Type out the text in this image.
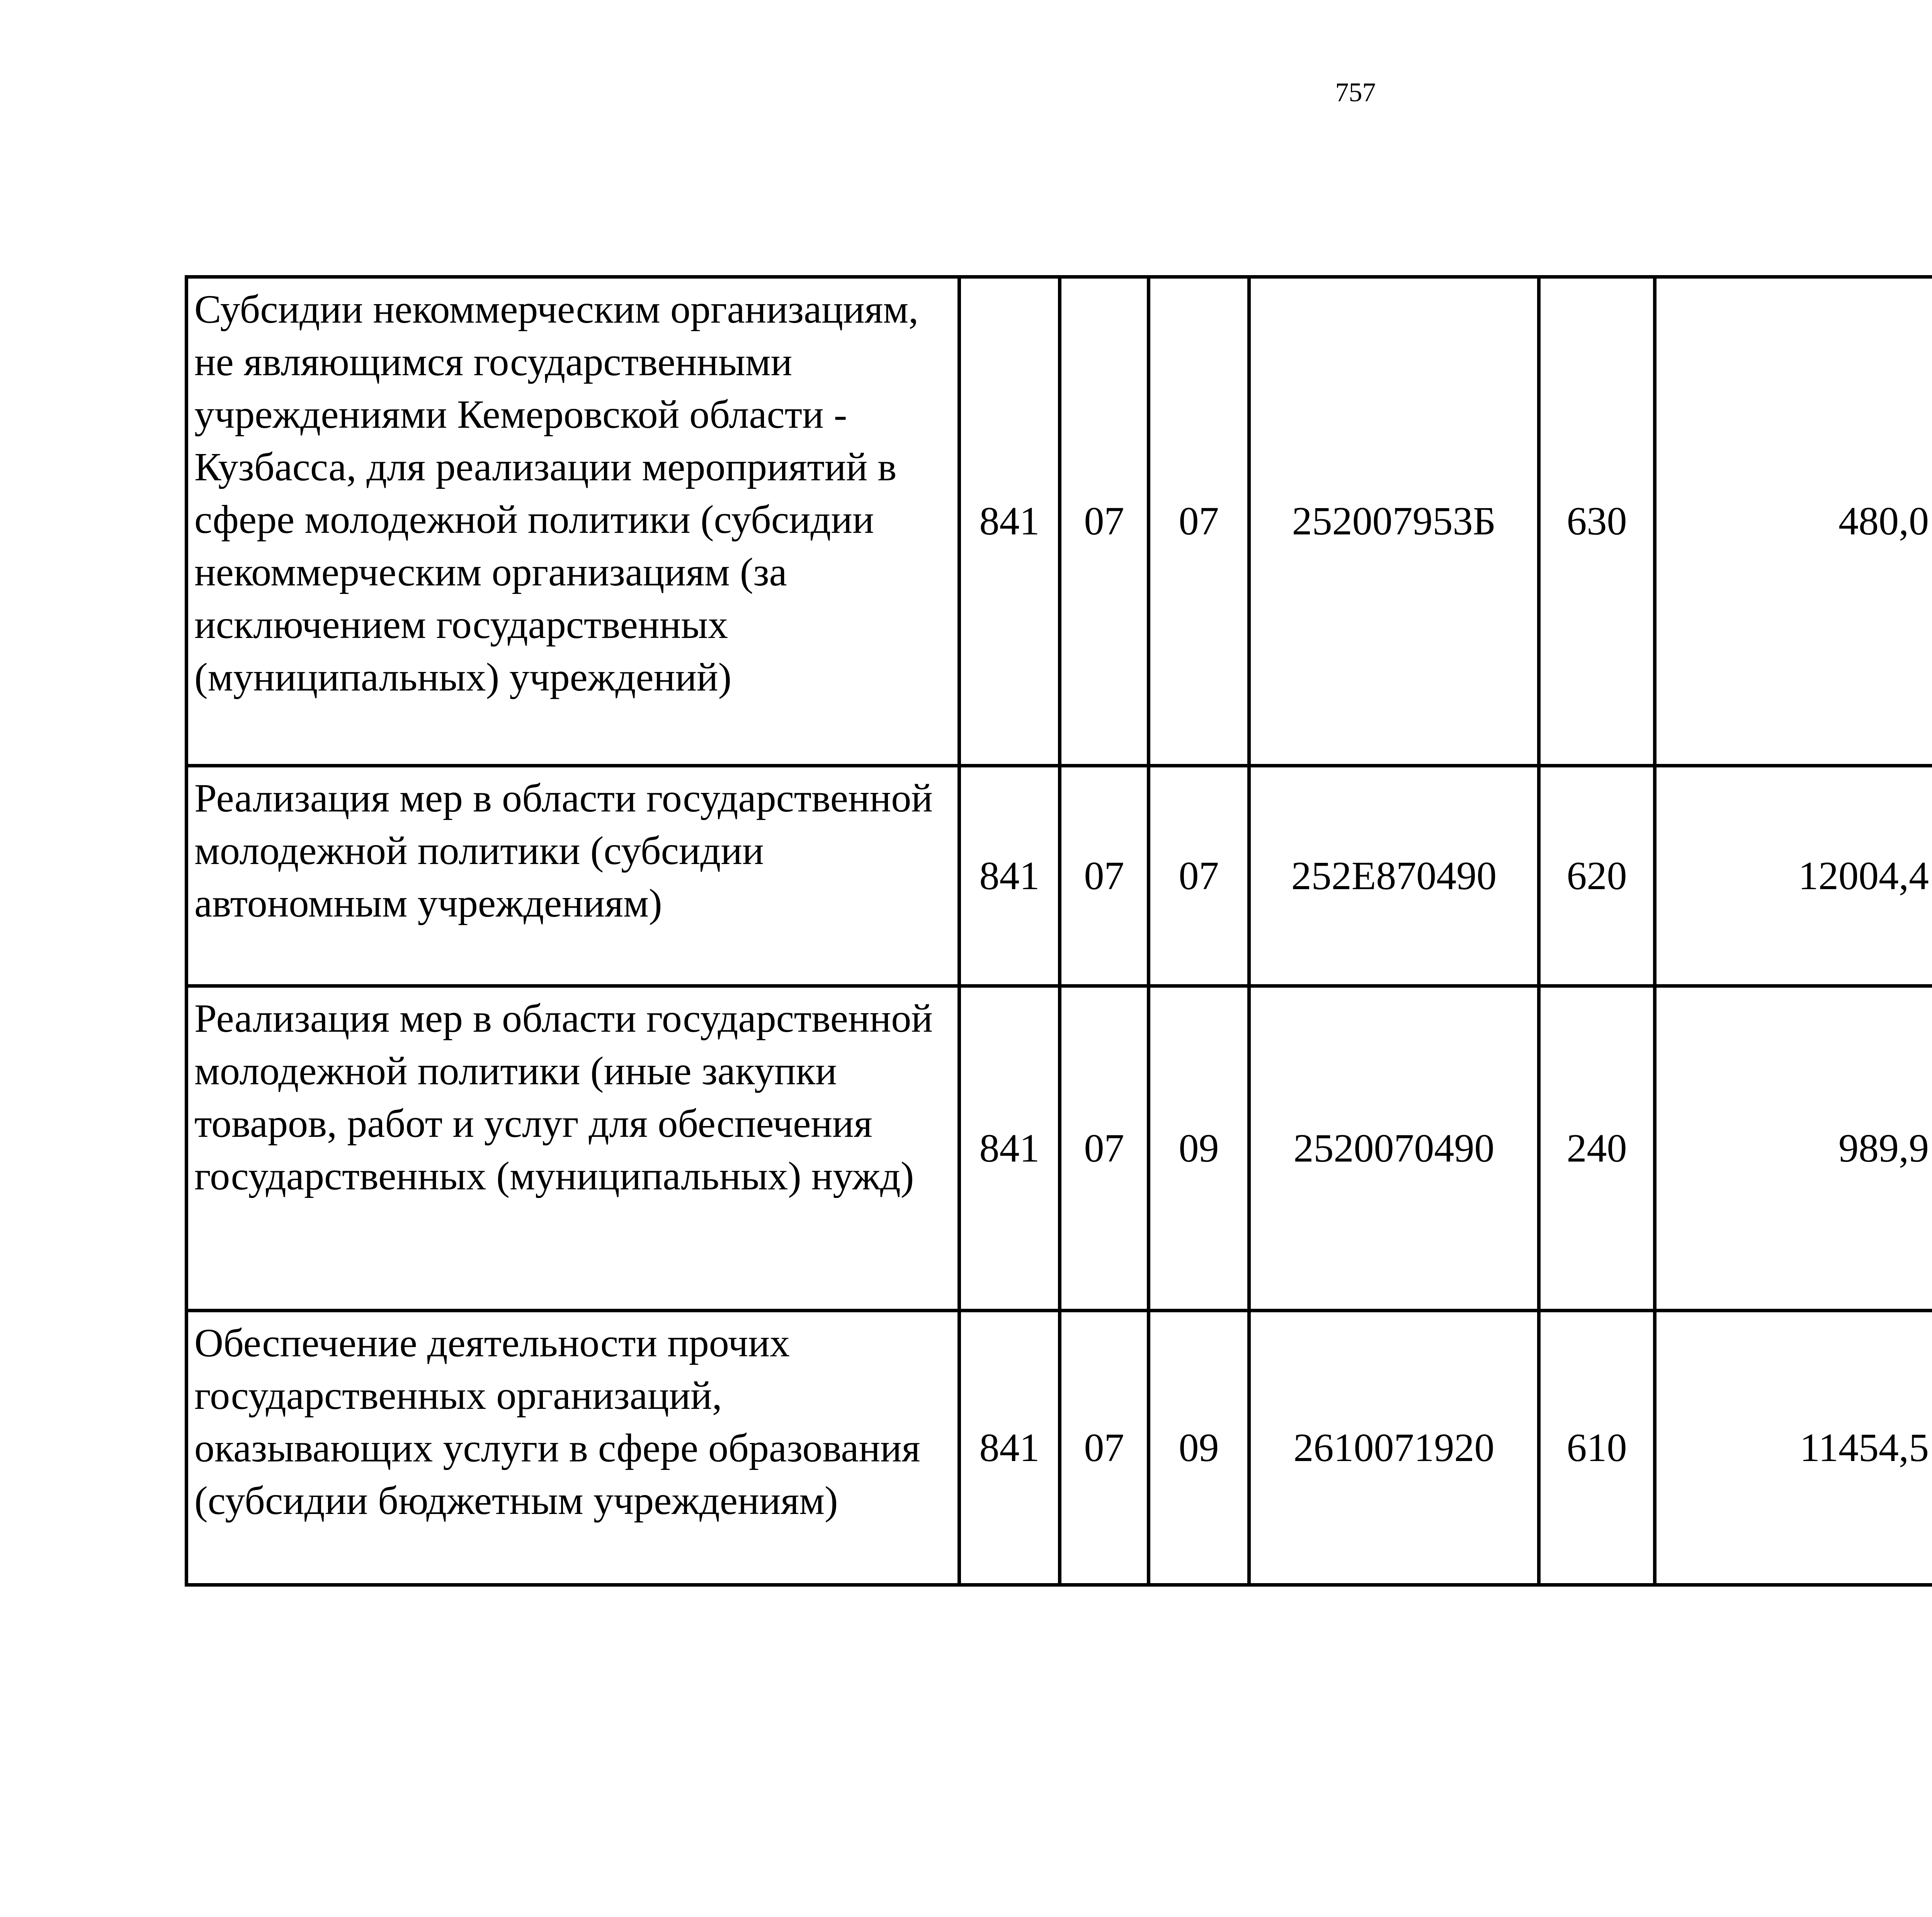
757
Субсидии некоммерческим организациям, не являющимся государственными учреждениями Кемеровской области - Кузбасса, для реализации мероприятий в сфере молодежной политики (субсидии некоммерческим организациям (за исключением государственных (муниципальных) учреждений)	841	07	07	252007953Б	630	480,0		
Реализация мер в области государственной молодежной политики (субсидии автономным учреждениям)	841	07	07	252E870490	620	12004,4		
Реализация мер в области государственной молодежной политики (иные закупки товаров, работ и услуг для обеспечения государственных (муниципальных) нужд)	841	07	09	2520070490	240	989,9		
Обеспечение деятельности прочих государственных организаций, оказывающих услуги в сфере образования (субсидии бюджетным учреждениям)	841	07	09	2610071920	610	11454,5		
